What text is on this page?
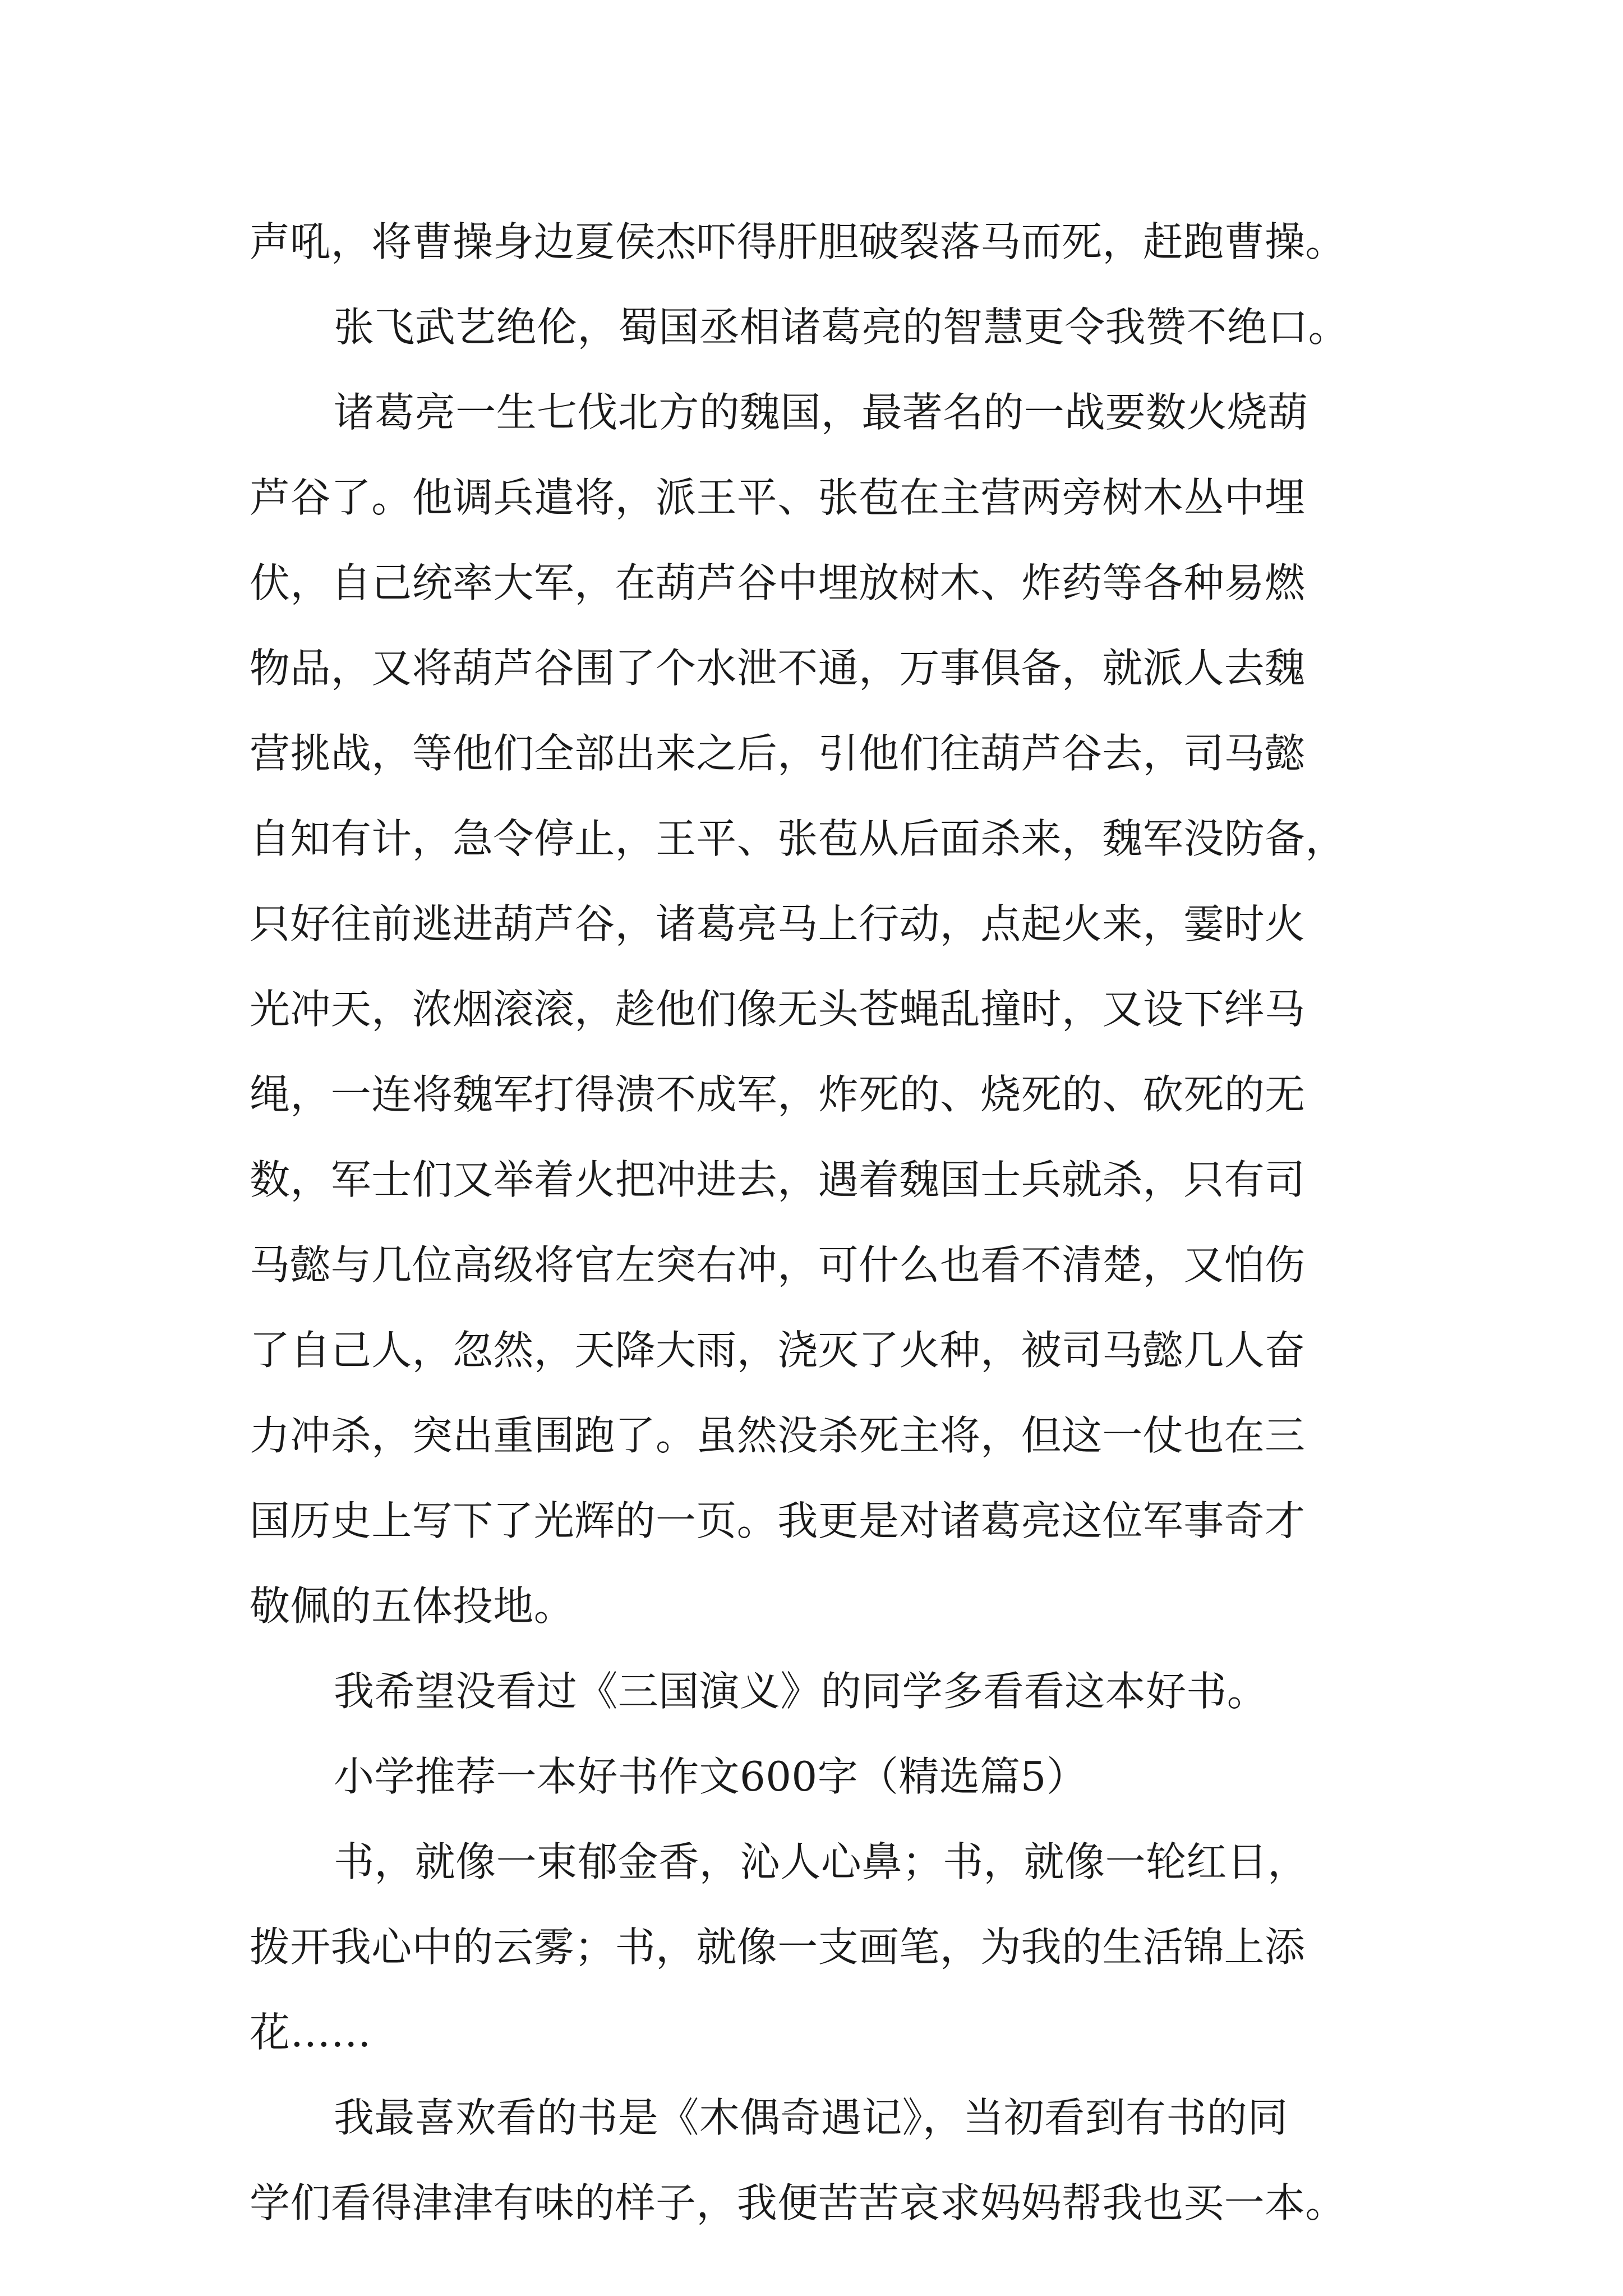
声吼，将曹操身边夏侯杰吓得肝胆破裂落马而死，赶跑曹操。
张飞武艺绝伦，蜀国丞相诸葛亮的智慧更令我赞不绝口。
诸葛亮一生七伐北方的魏国，最著名的一战要数火烧葫
芦谷了。他调兵遣将，派王平、张苞在主营两旁树木丛中埋
伏，自己统率大军，在葫芦谷中埋放树木、炸药等各种易燃
物品，又将葫芦谷围了个水泄不通，万事俱备，就派人去魏
营挑战，等他们全部出来之后，引他们往葫芦谷去，司马懿
自知有计，急令停止，王平、张苞从后面杀来，魏军没防备，
只好往前逃进葫芦谷，诸葛亮马上行动，点起火来，霎时火
光冲天，浓烟滚滚，趁他们像无头苍蝇乱撞时，又设下绊马
绳，一连将魏军打得溃不成军，炸死的、烧死的、砍死的无
数，军士们又举着火把冲进去，遇着魏国士兵就杀，只有司
马懿与几位高级将官左突右冲，可什么也看不清楚，又怕伤
了自己人，忽然，天降大雨，浇灭了火种，被司马懿几人奋
力冲杀，突出重围跑了。虽然没杀死主将，但这一仗也在三
国历史上写下了光辉的一页。我更是对诸葛亮这位军事奇才
敬佩的五体投地。
我希望没看过《三国演义》的同学多看看这本好书。
小学推荐一本好书作文600字（精选篇5）
书，就像一束郁金香，沁人心鼻；书，就像一轮红日，
拨开我心中的云雾；书，就像一支画笔，为我的生活锦上添
花……
我最喜欢看的书是《木偶奇遇记》，当初看到有书的同
学们看得津津有味的样子，我便苦苦哀求妈妈帮我也买一本。
